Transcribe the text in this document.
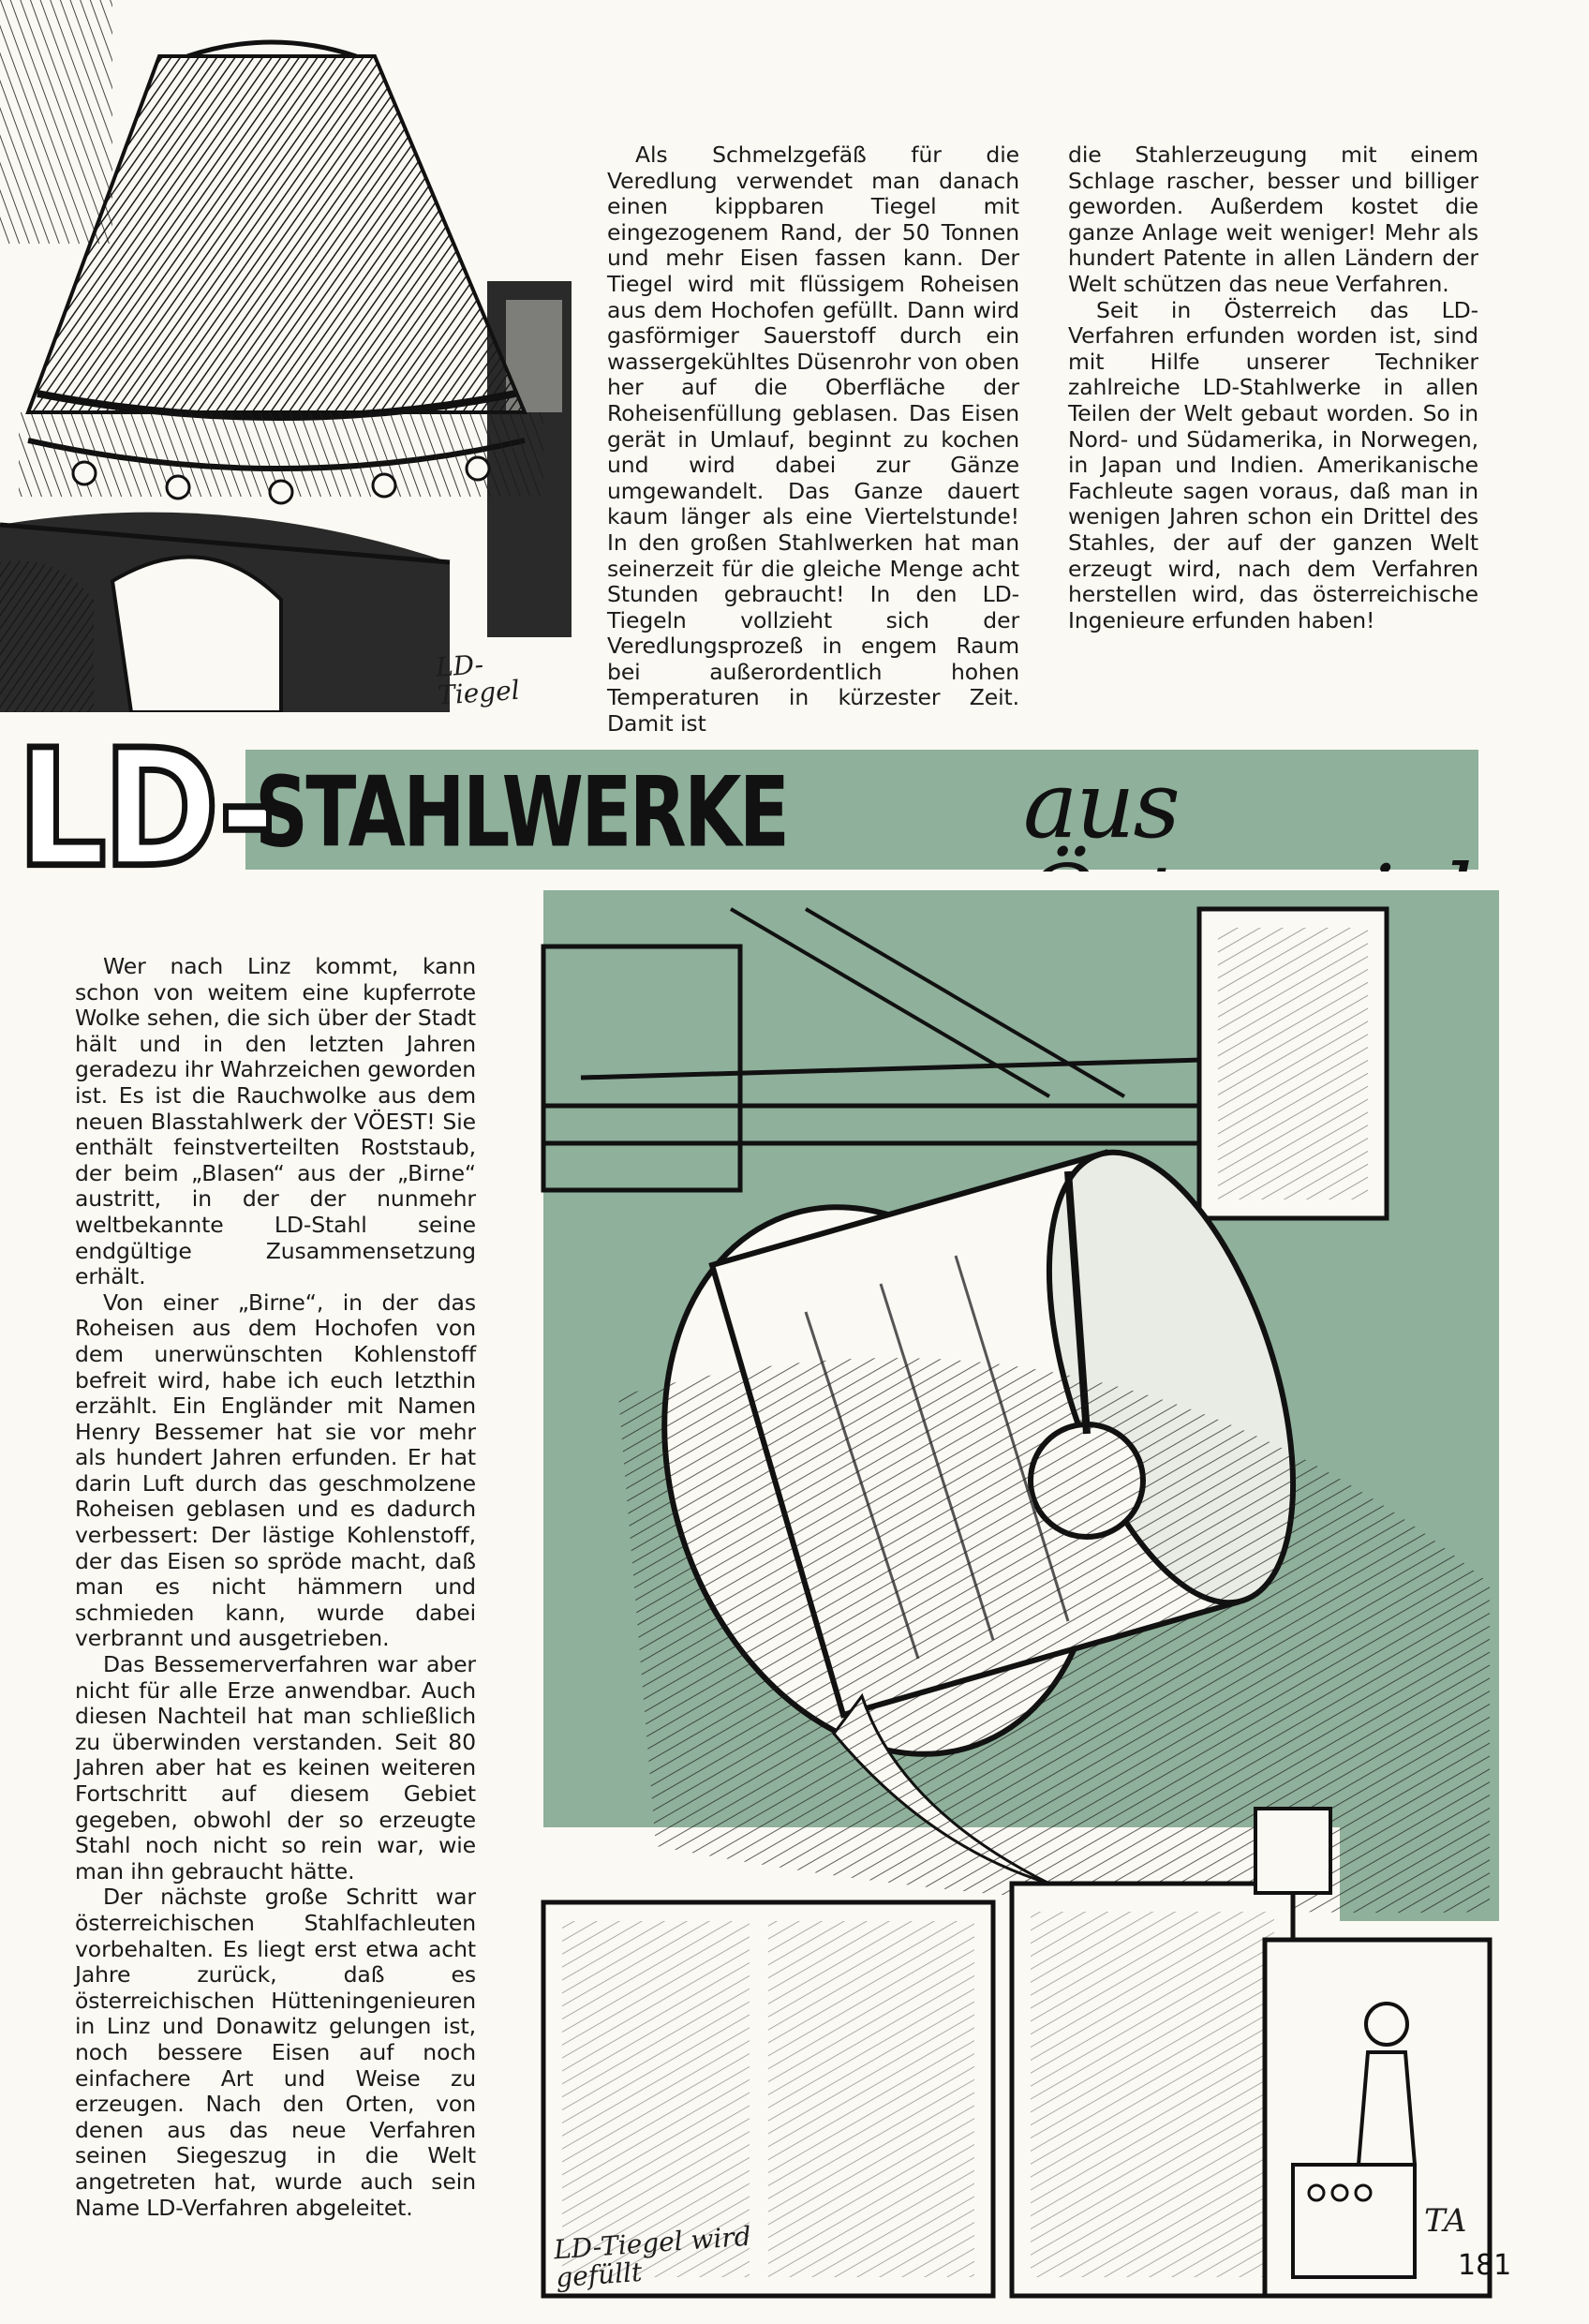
Als Schmelzgefäß für die Veredlung verwendet man danach einen kippbaren Tiegel mit eingezogenem Rand, der 50 Tonnen und mehr Eisen fassen kann. Der Tiegel wird mit flüssigem Roheisen aus dem Hochofen gefüllt. Dann wird gasförmiger Sauerstoff durch ein wassergekühltes Düsenrohr von oben her auf die Oberfläche der Roheisenfüllung geblasen. Das Eisen gerät in Umlauf, beginnt zu kochen und wird dabei zur Gänze umgewandelt. Das Ganze dauert kaum länger als eine Viertelstunde! In den großen Stahlwerken hat man seinerzeit für die gleiche Menge acht Stunden gebraucht! In den LD-Tiegeln vollzieht sich der Veredlungsprozeß in engem Raum bei außerordentlich hohen Temperaturen in kürzester Zeit. Damit ist

die Stahlerzeugung mit einem Schlage rascher, besser und billiger geworden. Außerdem kostet die ganze Anlage weit weniger! Mehr als hundert Patente in allen Ländern der Welt schützen das neue Verfahren.

Seit in Österreich das LD-Verfahren erfunden worden ist, sind mit Hilfe unserer Techniker zahlreiche LD-Stahlwerke in allen Teilen der Welt gebaut worden. So in Nord- und Südamerika, in Norwegen, in Japan und Indien. Amerikanische Fachleute sagen voraus, daß man in wenigen Jahren schon ein Drittel des Stahles, der auf der ganzen Welt erzeugt wird, nach dem Verfahren herstellen wird, das österreichische Ingenieure erfunden haben!

LD-Tiegel
LD-
STAHLWERKE	aus

Wer nach Linz kommt, kann schon von weitem eine kupferrote Wolke sehen, die sich über der Stadt hält und in den letzten Jahren geradezu ihr Wahrzeichen geworden ist. Es ist die Rauchwolke aus dem neuen Blasstahlwerk der VÖEST! Sie enthält feinstverteilten Roststaub, der beim „Blasen“ aus der „Birne“ austritt, in der der nunmehr weltbekannte LD-Stahl seine endgültige Zusammensetzung erhält.

Von einer „Birne“, in der das Roheisen aus dem Hochofen von dem unerwünschten Kohlenstoff befreit wird, habe ich euch letzthin erzählt. Ein Engländer mit Namen Henry Bessemer hat sie vor mehr als hundert Jahren erfunden. Er hat darin Luft durch das geschmolzene Roheisen geblasen und es dadurch verbessert: Der lästige Kohlenstoff, der das Eisen so spröde macht, daß man es nicht hämmern und schmieden kann, wurde dabei verbrannt und ausgetrieben.

Das Bessemerverfahren war aber nicht für alle Erze anwendbar. Auch diesen Nachteil hat man schließlich zu überwinden verstanden. Seit 80 Jahren aber hat es keinen weiteren Fortschritt auf diesem Gebiet gegeben, obwohl der so erzeugte Stahl noch nicht so rein war, wie man ihn gebraucht hätte.

Der nächste große Schritt war österreichischen Stahlfachleuten vorbehalten. Es liegt erst etwa acht Jahre zurück, daß es österreichischen Hütteningenieuren in Linz und Donawitz gelungen ist, noch bessere Eisen auf noch einfachere Art und Weise zu erzeugen. Nach den Orten, von denen aus das neue Verfahren seinen Siegeszug in die Welt angetreten hat, wurde auch sein Name LD-Verfahren abgeleitet.

LD-Tiegel wird gefüllt
TA
181
